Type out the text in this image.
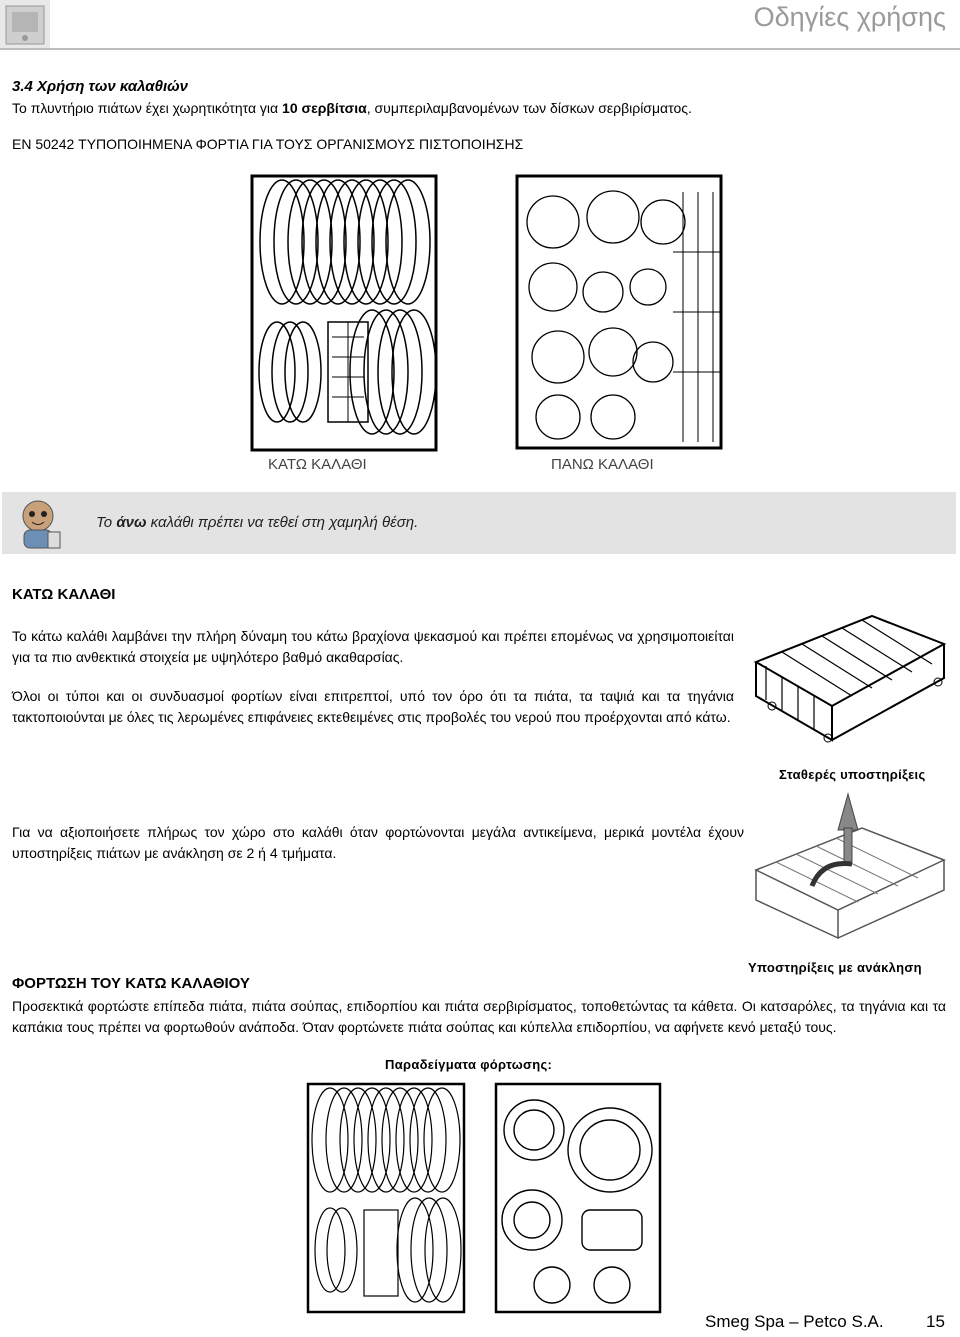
Οδηγίες χρήσης
3.4 Χρήση των καλαθιών
Το πλυντήριο πιάτων έχει χωρητικότητα για 10 σερβίτσια, συμπεριλαμβανομένων των δίσκων σερβιρίσματος.
EN 50242 ΤΥΠΟΠΟΙΗΜΕΝΑ ΦΟΡΤΙΑ ΓΙΑ ΤΟΥΣ ΟΡΓΑΝΙΣΜΟΥΣ ΠΙΣΤΟΠΟΙΗΣΗΣ
ΚΑΤΩ ΚΑΛΑΘΙ	ΠΑΝΩ ΚΑΛΑΘΙ
Το άνω καλάθι πρέπει να τεθεί στη χαμηλή θέση.
ΚΑΤΩ ΚΑΛΑΘΙ
Το κάτω καλάθι λαμβάνει την πλήρη δύναμη του κάτω βραχίονα ψεκασμού και πρέπει επομένως να χρησιμοποιείται για τα πιο ανθεκτικά στοιχεία με υψηλότερο βαθμό ακαθαρσίας.
Όλοι οι τύποι και οι συνδυασμοί φορτίων είναι επιτρεπτοί, υπό τον όρο ότι τα πιάτα, τα ταψιά και τα τηγάνια τακτοποιούνται με όλες τις λερωμένες επιφάνειες εκτεθειμένες στις προβολές του νερού που προέρχονται από κάτω.
Σταθερές υποστηρίξεις
Για να αξιοποιήσετε πλήρως τον χώρο στο καλάθι όταν φορτώνονται μεγάλα αντικείμενα, μερικά μοντέλα έχουν υποστηρίξεις πιάτων με ανάκληση σε 2 ή 4 τμήματα.
Υποστηρίξεις με ανάκληση
ΦΟΡΤΩΣΗ ΤΟΥ ΚΑΤΩ ΚΑΛΑΘΙΟΥ
Προσεκτικά φορτώστε επίπεδα πιάτα, πιάτα σούπας, επιδορπίου και πιάτα σερβιρίσματος, τοποθετώντας τα κάθετα. Οι κατσαρόλες, τα τηγάνια και τα καπάκια τους πρέπει να φορτωθούν ανάποδα. Όταν φορτώνετε πιάτα σούπας και κύπελλα επιδορπίου, να αφήνετε κενό μεταξύ τους.
Παραδείγματα φόρτωσης:
Smeg Spa – Petco S.A. 15
